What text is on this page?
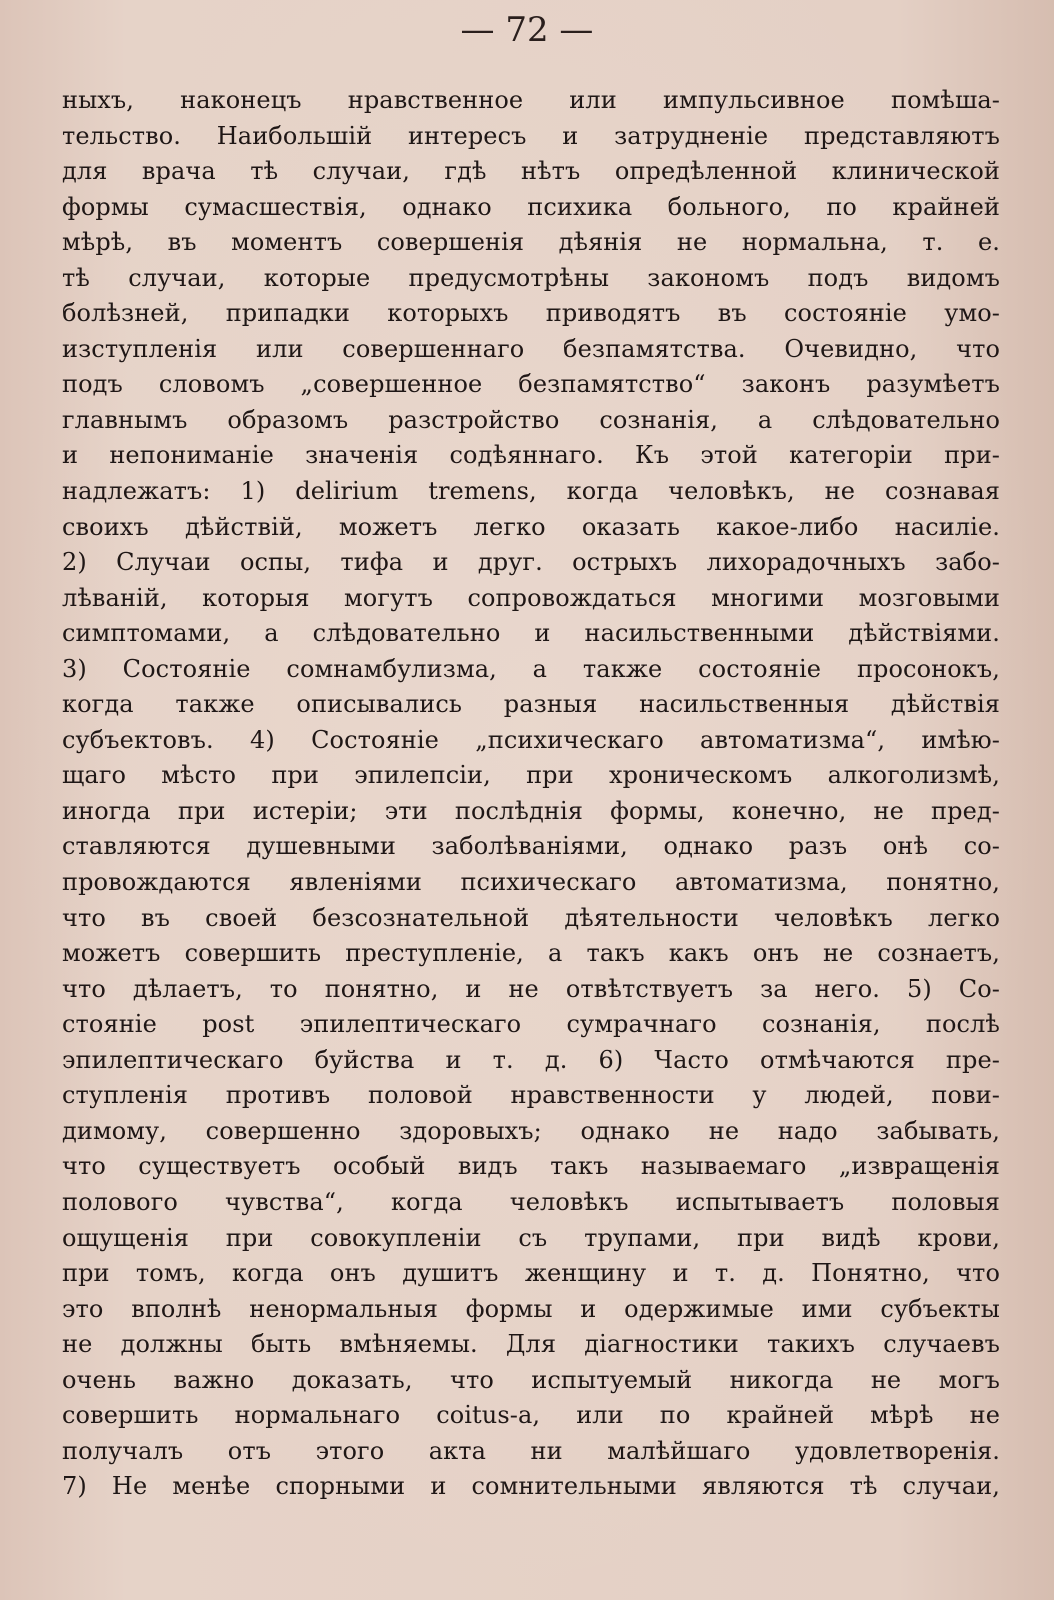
— 72 —
ныхъ, наконецъ нравственное или импульсивное помѣша-
тельство. Наибольшій интересъ и затрудненіе представляютъ
для врача тѣ случаи, гдѣ нѣтъ опредѣленной клинической
формы сумасшествія, однако психика больного, по крайней
мѣрѣ, въ моментъ совершенія дѣянія не нормальна, т. е.
тѣ случаи, которые предусмотрѣны закономъ подъ видомъ
болѣзней, припадки которыхъ приводятъ въ состояніе умо-
изступленія или совершеннаго безпамятства. Очевидно, что
подъ словомъ „совершенное безпамятство“ законъ разумѣетъ
главнымъ образомъ разстройство сознанія, а слѣдовательно
и непониманіе значенія содѣяннаго. Къ этой категоріи при-
надлежатъ: 1) delirium tremens, когда человѣкъ, не сознавая
своихъ дѣйствій, можетъ легко оказать какое-либо насиліе.
2) Случаи оспы, тифа и друг. острыхъ лихорадочныхъ забо-
лѣваній, которыя могутъ сопровождаться многими мозговыми
симптомами, а слѣдовательно и насильственными дѣйствіями.
3) Состояніе сомнамбулизма, а также состояніе просонокъ,
когда также описывались разныя насильственныя дѣйствія
субъектовъ. 4) Состояніе „психическаго автоматизма“, имѣю-
щаго мѣсто при эпилепсіи, при хроническомъ алкоголизмѣ,
иногда при истеріи; эти послѣднія формы, конечно, не пред-
ставляются душевными заболѣваніями, однако разъ онѣ со-
провождаются явленіями психическаго автоматизма, понятно,
что въ своей безсознательной дѣятельности человѣкъ легко
можетъ совершить преступленіе, а такъ какъ онъ не сознаетъ,
что дѣлаетъ, то понятно, и не отвѣтствуетъ за него. 5) Со-
стояніе post эпилептическаго сумрачнаго сознанія, послѣ
эпилептическаго буйства и т. д. 6) Часто отмѣчаются пре-
ступленія противъ половой нравственности у людей, пови-
димому, совершенно здоровыхъ; однако не надо забывать,
что существуетъ особый видъ такъ называемаго „извращенія
полового чувства“, когда человѣкъ испытываетъ половыя
ощущенія при совокупленіи съ трупами, при видѣ крови,
при томъ, когда онъ душитъ женщину и т. д. Понятно, что
это вполнѣ ненормальныя формы и одержимые ими субъекты
не должны быть вмѣняемы. Для діагностики такихъ случаевъ
очень важно доказать, что испытуемый никогда не могъ
совершить нормальнаго coitus-а, или по крайней мѣрѣ не
получалъ отъ этого акта ни малѣйшаго удовлетворенія.
7) Не менѣе спорными и сомнительными являются тѣ случаи,
